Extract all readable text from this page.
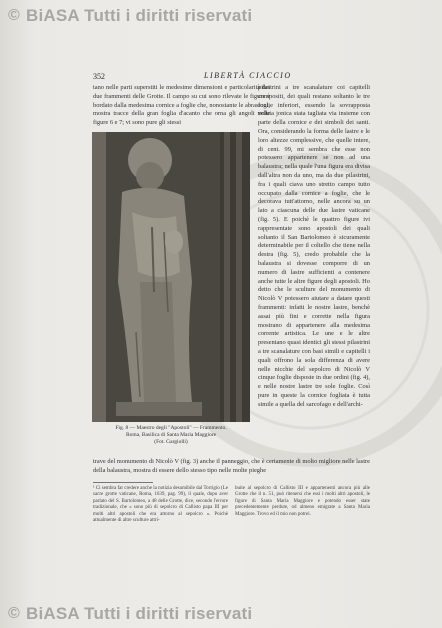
© BiASA Tutti i diritti riservati
352	LIBERTÀ CIACCIO
tano nelle parti superstiti le medesime dimensioni e particolarità dei due frammenti delle Grotte. Il campo su cui sono rilevate le figure è bordato dalla medesima cornice a foglie che, nonostante le abrasioni, mostra tracce della gran foglia d'acanto che orna gli angoli nelle figure 6 e 7; vi sono pure gli stessi
Fig. 8 — Maestro degli "Apostoli" — Frammento.
Roma, Basilica di Santa Maria Maggiore
(Fot. Gargiolli)
pilastrini a tre scanalature coi capitelli compositi, dei quali restano soltanto le tre foglie inferiori, essendo la sovrapposta voluta jonica stata tagliata via insieme con parte della cornice e dei simboli dei santi. Ora, considerando la forma delle lastre e le loro altezze complessive, che quelle intere, di cent. 99, mi sembra che esse non potessero appartenere se non ad una balaustra; nella quale l'una figura era divisa dall'altra non da uno, ma da due pilastrini, fra i quali ciava uno stretto campo tutto occupato dalla cornice a foglie, che le decorava tutt'attorno, nelle ancora su un lato a ciascuna delle due lastre vaticane (fig. 5). E poichè le quattro figure ivi rappresentate sono apostoli dei quali soltanto il San Bartolomeo è sicuramente determinabile per il coltello che tiene nella destra (fig. 5), credo probabile che la balaustra si dovesse comporre di un numero di lastre sufficienti a contenere anche tutte le altre figure degli apostoli. Ho detto che le sculture del monumento di Nicolò V potessero aiutare a datare questi frammenti: infatti le nostre lastre, benchè assai più fini e corrette nella figura mostrano di appartenere alla medesima corrente artistica. Le une e le altre presentano quasi identici gli stessi pilastrini a tre scanalature con basi simili e capitelli i quali offrono la sola differenza di avere nelle nicchie del sepolcro di Nicolò V cinque foglie disposte in due ordini (fig. 4), e nelle nostre lastre tre sole foglie. Così pure in queste la cornice fogliata è tutta simile a quella del sarcofago e dell'archi-
trave del monumento di Nicolò V (fig. 3) anche il panneggio, che è certamente di molto migliore nelle lastre della balaustra, mostra di essere dello stesso tipo nelle molte pieghe
¹ Ci sembra far credere anche la notizia desumibile dal Torrigio (Le sacre grotte vaticane, Roma, 1639, pag. 99), il quale, dopo aver parlato del S. Bartolomeo, a 48 delle Grotte, dice, secondo l'errore tradizionale, che « sono più di sepolcro di Callisto papa III per molti altri apostoli che era attorno al sepolcro ». Poichè attualmente di altre sculture attri-
buite al sepolcro di Callisto III e appartenenti ancora più alle Grotte che il n. 51, può ritenersi che essi i molti altri apostoli, le figure di Santa Maria Maggiore e potendo esser state precedentemente perdute, od almeno emigrate a Santa Maria Maggiore. Trovo ed il mio non potrei.
© BiASA Tutti i diritti riservati
